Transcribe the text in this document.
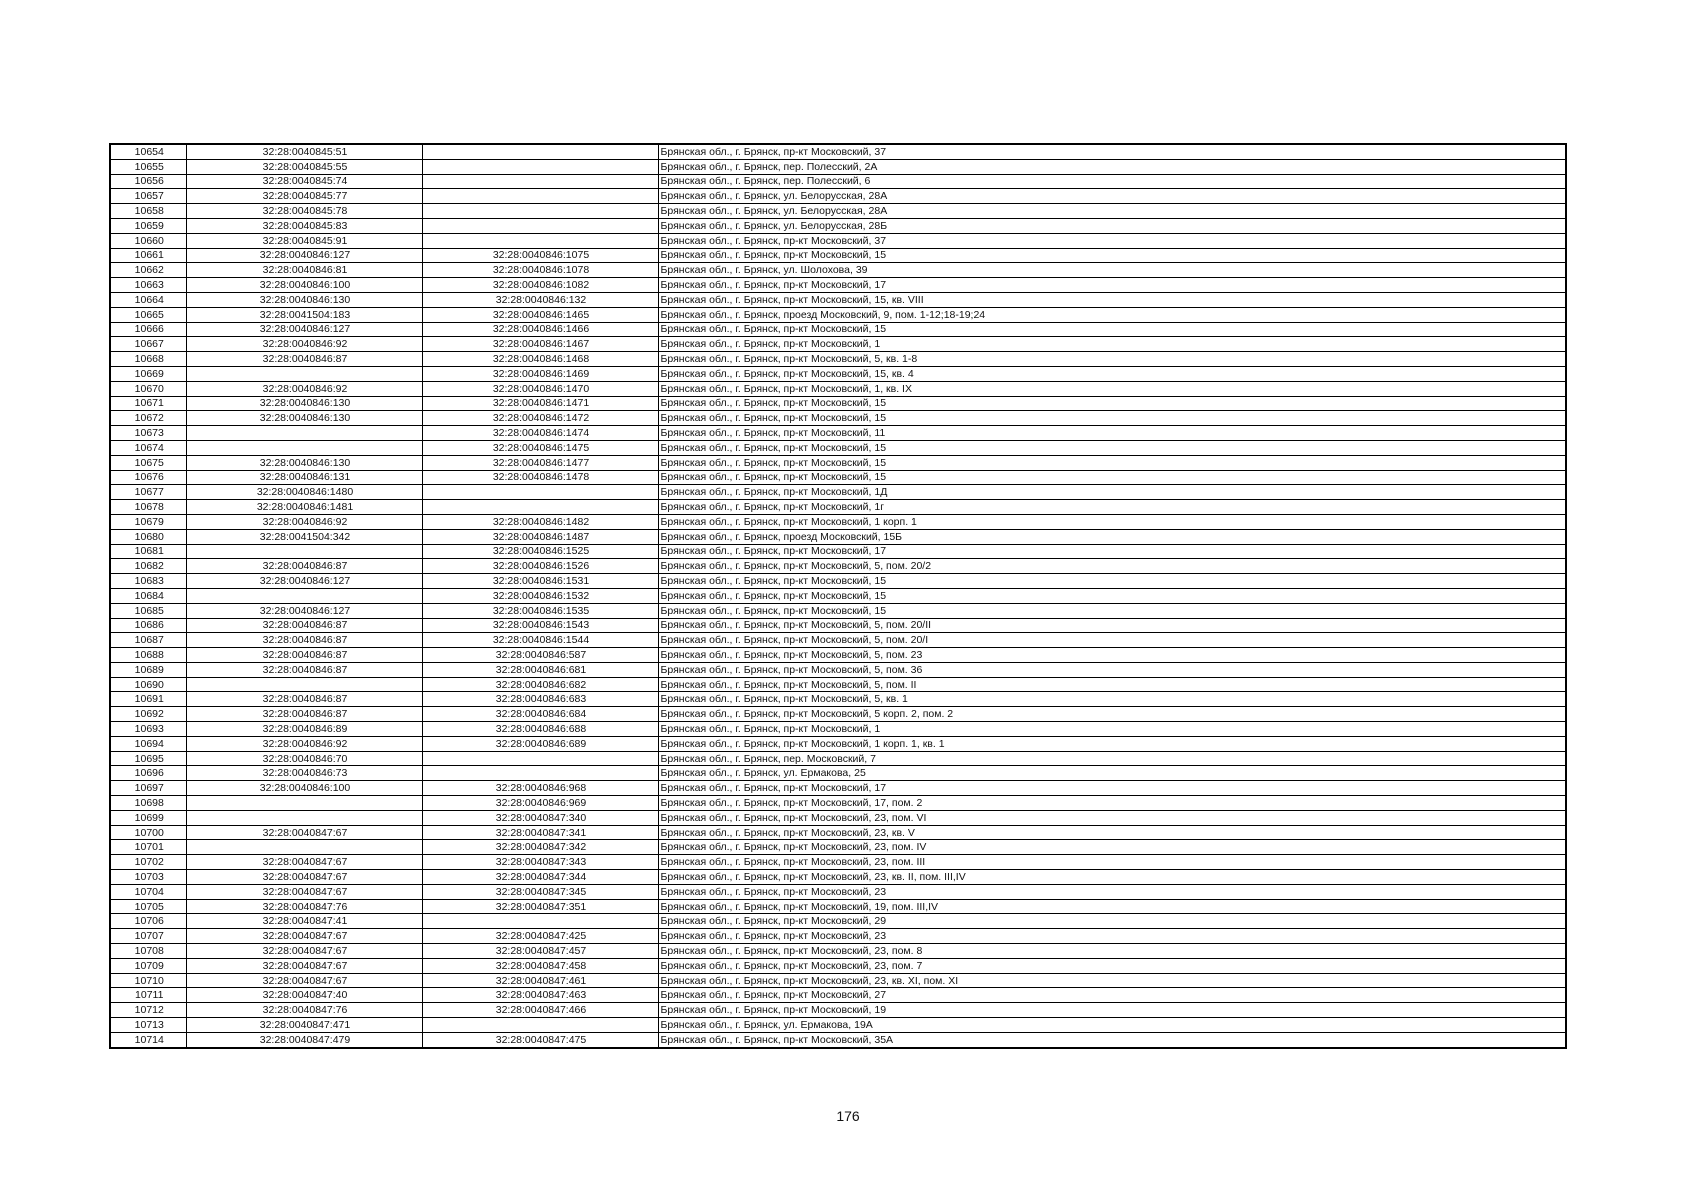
10654	32:28:0040845:51		Брянская обл., г. Брянск, пр-кт Московский, 37
10655	32:28:0040845:55		Брянская обл., г. Брянск, пер. Полесский, 2А
10656	32:28:0040845:74		Брянская обл., г. Брянск, пер. Полесский, 6
10657	32:28:0040845:77		Брянская обл., г. Брянск, ул. Белорусская, 28А
10658	32:28:0040845:78		Брянская обл., г. Брянск, ул. Белорусская, 28А
10659	32:28:0040845:83		Брянская обл., г. Брянск, ул. Белорусская, 28Б
10660	32:28:0040845:91		Брянская обл., г. Брянск, пр-кт Московский, 37
10661	32:28:0040846:127	32:28:0040846:1075	Брянская обл., г. Брянск, пр-кт Московский, 15
10662	32:28:0040846:81	32:28:0040846:1078	Брянская обл., г. Брянск, ул. Шолохова, 39
10663	32:28:0040846:100	32:28:0040846:1082	Брянская обл., г. Брянск, пр-кт Московский, 17
10664	32:28:0040846:130	32:28:0040846:132	Брянская обл., г. Брянск, пр-кт Московский, 15, кв. VIII
10665	32:28:0041504:183	32:28:0040846:1465	Брянская обл., г. Брянск, проезд Московский, 9, пом. 1-12;18-19;24
10666	32:28:0040846:127	32:28:0040846:1466	Брянская обл., г. Брянск, пр-кт Московский, 15
10667	32:28:0040846:92	32:28:0040846:1467	Брянская обл., г. Брянск, пр-кт Московский, 1
10668	32:28:0040846:87	32:28:0040846:1468	Брянская обл., г. Брянск, пр-кт Московский, 5, кв. 1-8
10669		32:28:0040846:1469	Брянская обл., г. Брянск, пр-кт Московский, 15, кв. 4
10670	32:28:0040846:92	32:28:0040846:1470	Брянская обл., г. Брянск, пр-кт Московский, 1, кв. IX
10671	32:28:0040846:130	32:28:0040846:1471	Брянская обл., г. Брянск, пр-кт Московский, 15
10672	32:28:0040846:130	32:28:0040846:1472	Брянская обл., г. Брянск, пр-кт Московский, 15
10673		32:28:0040846:1474	Брянская обл., г. Брянск, пр-кт Московский, 11
10674		32:28:0040846:1475	Брянская обл., г. Брянск, пр-кт Московский, 15
10675	32:28:0040846:130	32:28:0040846:1477	Брянская обл., г. Брянск, пр-кт Московский, 15
10676	32:28:0040846:131	32:28:0040846:1478	Брянская обл., г. Брянск, пр-кт Московский, 15
10677	32:28:0040846:1480		Брянская обл., г. Брянск, пр-кт Московский, 1Д
10678	32:28:0040846:1481		Брянская обл., г. Брянск, пр-кт Московский, 1г
10679	32:28:0040846:92	32:28:0040846:1482	Брянская обл., г. Брянск, пр-кт Московский, 1 корп. 1
10680	32:28:0041504:342	32:28:0040846:1487	Брянская обл., г. Брянск, проезд Московский, 15Б
10681		32:28:0040846:1525	Брянская обл., г. Брянск, пр-кт Московский, 17
10682	32:28:0040846:87	32:28:0040846:1526	Брянская обл., г. Брянск, пр-кт Московский, 5, пом. 20/2
10683	32:28:0040846:127	32:28:0040846:1531	Брянская обл., г. Брянск, пр-кт Московский, 15
10684		32:28:0040846:1532	Брянская обл., г. Брянск, пр-кт Московский, 15
10685	32:28:0040846:127	32:28:0040846:1535	Брянская обл., г. Брянск, пр-кт Московский, 15
10686	32:28:0040846:87	32:28:0040846:1543	Брянская обл., г. Брянск, пр-кт Московский, 5, пом. 20/II
10687	32:28:0040846:87	32:28:0040846:1544	Брянская обл., г. Брянск, пр-кт Московский, 5, пом. 20/I
10688	32:28:0040846:87	32:28:0040846:587	Брянская обл., г. Брянск, пр-кт Московский, 5, пом. 23
10689	32:28:0040846:87	32:28:0040846:681	Брянская обл., г. Брянск, пр-кт Московский, 5, пом. 36
10690		32:28:0040846:682	Брянская обл., г. Брянск, пр-кт Московский, 5, пом. II
10691	32:28:0040846:87	32:28:0040846:683	Брянская обл., г. Брянск, пр-кт Московский, 5, кв. 1
10692	32:28:0040846:87	32:28:0040846:684	Брянская обл., г. Брянск, пр-кт Московский, 5 корп. 2, пом. 2
10693	32:28:0040846:89	32:28:0040846:688	Брянская обл., г. Брянск, пр-кт Московский, 1
10694	32:28:0040846:92	32:28:0040846:689	Брянская обл., г. Брянск, пр-кт Московский, 1 корп. 1, кв. 1
10695	32:28:0040846:70		Брянская обл., г. Брянск, пер. Московский, 7
10696	32:28:0040846:73		Брянская обл., г. Брянск, ул. Ермакова, 25
10697	32:28:0040846:100	32:28:0040846:968	Брянская обл., г. Брянск, пр-кт Московский, 17
10698		32:28:0040846:969	Брянская обл., г. Брянск, пр-кт Московский, 17, пом. 2
10699		32:28:0040847:340	Брянская обл., г. Брянск, пр-кт Московский, 23, пом. VI
10700	32:28:0040847:67	32:28:0040847:341	Брянская обл., г. Брянск, пр-кт Московский, 23, кв. V
10701		32:28:0040847:342	Брянская обл., г. Брянск, пр-кт Московский, 23, пом. IV
10702	32:28:0040847:67	32:28:0040847:343	Брянская обл., г. Брянск, пр-кт Московский, 23, пом. III
10703	32:28:0040847:67	32:28:0040847:344	Брянская обл., г. Брянск, пр-кт Московский, 23, кв. II, пом. III,IV
10704	32:28:0040847:67	32:28:0040847:345	Брянская обл., г. Брянск, пр-кт Московский, 23
10705	32:28:0040847:76	32:28:0040847:351	Брянская обл., г. Брянск, пр-кт Московский, 19, пом. III,IV
10706	32:28:0040847:41		Брянская обл., г. Брянск, пр-кт Московский, 29
10707	32:28:0040847:67	32:28:0040847:425	Брянская обл., г. Брянск, пр-кт Московский, 23
10708	32:28:0040847:67	32:28:0040847:457	Брянская обл., г. Брянск, пр-кт Московский, 23, пом. 8
10709	32:28:0040847:67	32:28:0040847:458	Брянская обл., г. Брянск, пр-кт Московский, 23, пом. 7
10710	32:28:0040847:67	32:28:0040847:461	Брянская обл., г. Брянск, пр-кт Московский, 23, кв. XI, пом. XI
10711	32:28:0040847:40	32:28:0040847:463	Брянская обл., г. Брянск, пр-кт Московский, 27
10712	32:28:0040847:76	32:28:0040847:466	Брянская обл., г. Брянск, пр-кт Московский, 19
10713	32:28:0040847:471		Брянская обл., г. Брянск, ул. Ермакова, 19А
10714	32:28:0040847:479	32:28:0040847:475	Брянская обл., г. Брянск, пр-кт Московский, 35А
176
